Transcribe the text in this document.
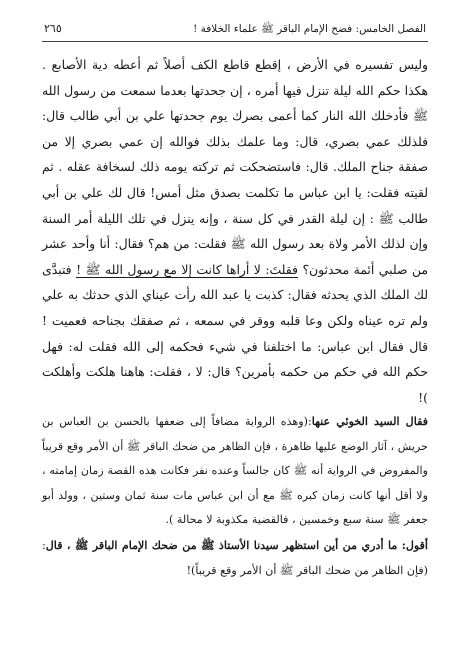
الفصل الخامس: فضح الإمام الباقر ﷺ علماء الخلافة !
٢٦٥

وليس تفسيره في الأرض ، إقطع قاطع الكف أصلاً ثم أعطه دية الأصابع . هكذا حكم الله ليلة تنزل فيها أمره ، إن جحدتها بعدما سمعت من رسول الله ﷺ فأدخلك الله النار كما أعمى بصرك يوم جحدتها علي بن أبي طالب قال: فلذلك عمي بصري، قال: وما علمك بذلك فوالله إن عمي بصري إلا من صفقة جناح الملك. قال: فاستضحكت ثم تركته يومه ذلك لسخافة عقله . ثم لقيته فقلت: يا ابن عباس ما تكلمت بصدق مثل أمس! قال لك علي بن أبي طالب ﷺ : إن ليلة القدر في كل سنة ، وإنه ينزل في تلك الليلة أمر السنة وإن لذلك الأمر ولاة بعد رسول الله ﷺ فقلت: من هم؟ فقال: أنا وأحد عشر من صلبي أئمة محدثون؟ فقلتَ: لا أراها كانت إلا مع رسول الله ﷺ ! فتبدَّى لك الملك الذي يحدثه فقال: كذبت يا عبد الله رأت عيناي الذي حدثك به علي ولم تره عيناه ولكن وعا قلبه ووقر في سمعه ، ثم صفقك بجناحه فعميت ! قال فقال ابن عباس: ما اختلفنا في شيء فحكمه إلى الله فقلت له: فهل حكم الله في حكم من حكمه بأمرين؟ قال: لا ، فقلت: هاهنا هلكت وأهلكت )!

فقال السيد الخوئي عنها:(وهذه الرواية مضافاً إلى ضعفها بالحسن بن العباس بن حريش ، آثار الوضع عليها ظاهرة ، فإن الظاهر من ضحك الباقر ﷺ أن الأمر وقع قريباً والمفروض في الرواية أنه ﷺ كان جالساً وعنده نفر فكانت هذه القصة زمان إمامته ، ولا أقل أنها كانت زمان كبره ﷺ مع أن ابن عباس مات سنة ثمان وستين ، وولد أبو جعفر ﷺ سنة سبع وخمسين ، فالقضية مكذوبة لا محالة ).

أقول: ما أدري من أين استظهر سيدنا الأستاذ ﷺ من ضحك الإمام الباقر ﷺ ، قال: (فإن الظاهر من ضحك الباقر ﷺ أن الأمر وقع قريباً)!
